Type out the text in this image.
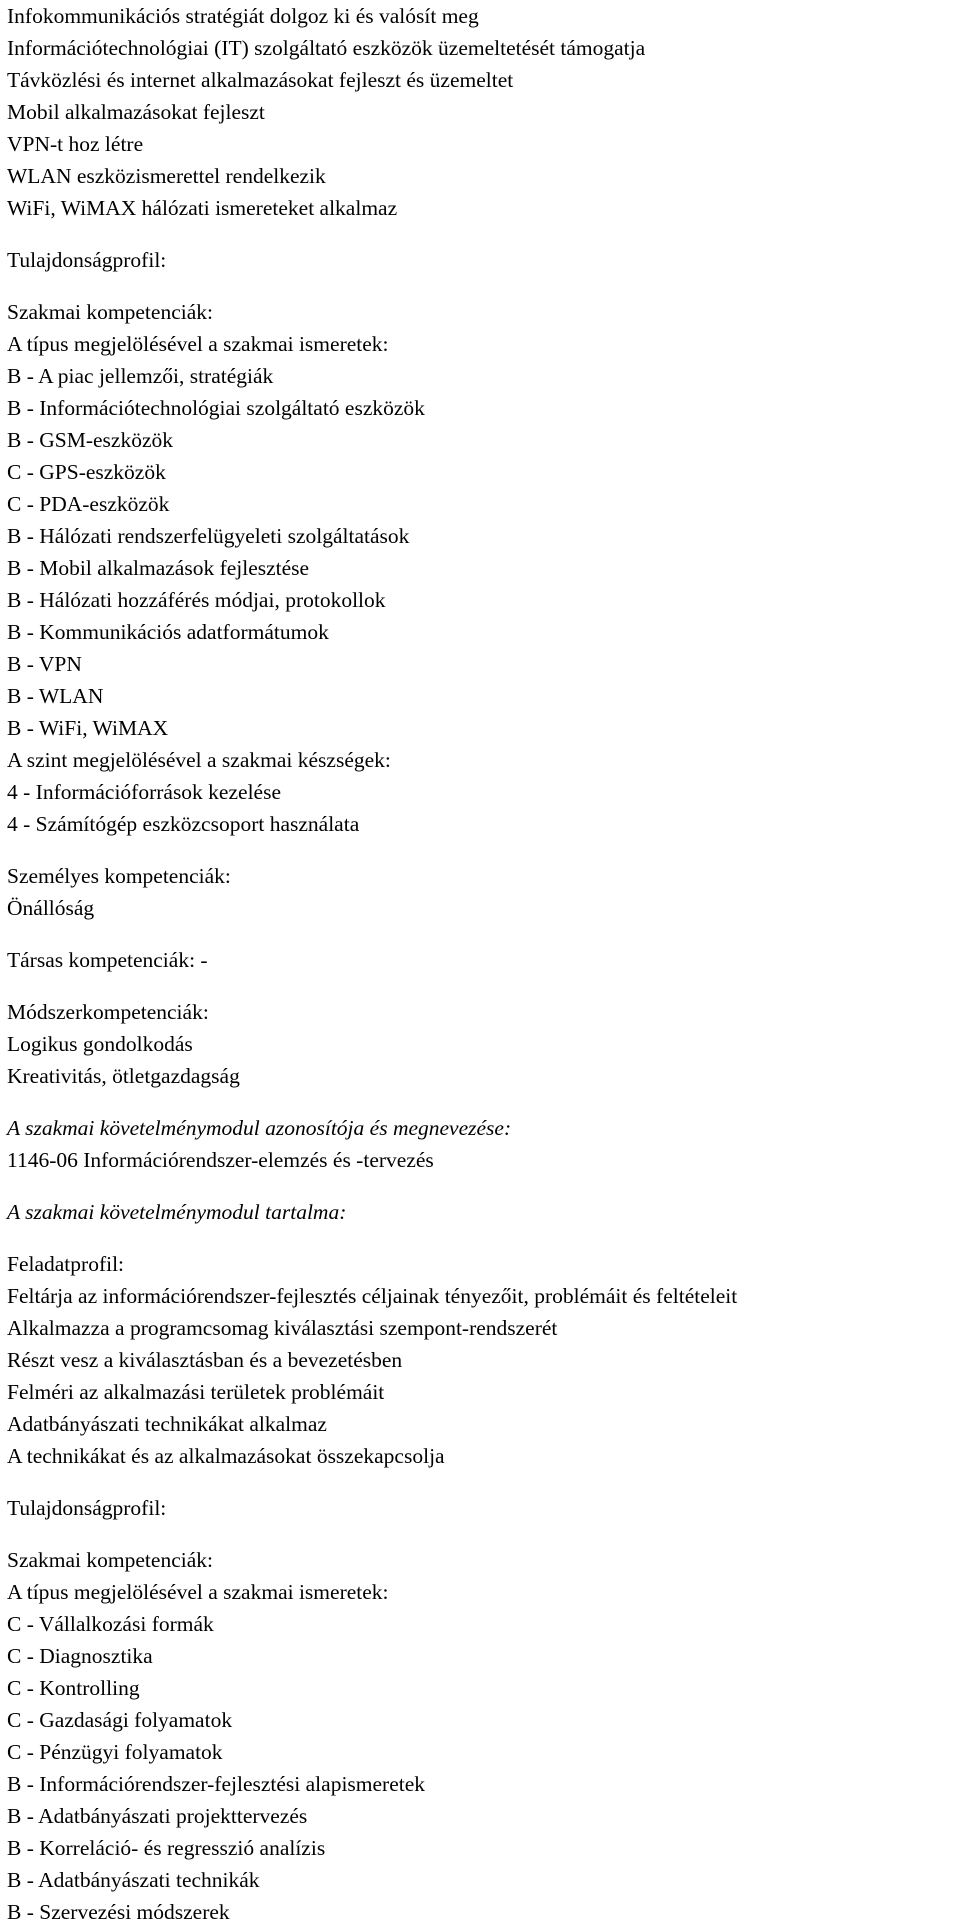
Infokommunikációs stratégiát dolgoz ki és valósít meg
Információtechnológiai (IT) szolgáltató eszközök üzemeltetését támogatja
Távközlési és internet alkalmazásokat fejleszt és üzemeltet
Mobil alkalmazásokat fejleszt
VPN-t hoz létre
WLAN eszközismerettel rendelkezik
WiFi, WiMAX hálózati ismereteket alkalmaz
Tulajdonságprofil:
Szakmai kompetenciák:
A típus megjelölésével a szakmai ismeretek:
B - A piac jellemzői, stratégiák
B - Információtechnológiai szolgáltató eszközök
B - GSM-eszközök
C - GPS-eszközök
C - PDA-eszközök
B - Hálózati rendszerfelügyeleti szolgáltatások
B - Mobil alkalmazások fejlesztése
B - Hálózati hozzáférés módjai, protokollok
B - Kommunikációs adatformátumok
B - VPN
B - WLAN
B - WiFi, WiMAX
A szint megjelölésével a szakmai készségek:
4 - Információforrások kezelése
4 - Számítógép eszközcsoport használata
Személyes kompetenciák:
Önállóság
Társas kompetenciák: -
Módszerkompetenciák:
Logikus gondolkodás
Kreativitás, ötletgazdagság
A szakmai követelménymodul azonosítója és megnevezése:
1146-06 Információrendszer-elemzés és -tervezés
A szakmai követelménymodul tartalma:
Feladatprofil:
Feltárja az információrendszer-fejlesztés céljainak tényezőit, problémáit és feltételeit
Alkalmazza a programcsomag kiválasztási szempont-rendszerét
Részt vesz a kiválasztásban és a bevezetésben
Felméri az alkalmazási területek problémáit
Adatbányászati technikákat alkalmaz
A technikákat és az alkalmazásokat összekapcsolja
Tulajdonságprofil:
Szakmai kompetenciák:
A típus megjelölésével a szakmai ismeretek:
C - Vállalkozási formák
C - Diagnosztika
C - Kontrolling
C - Gazdasági folyamatok
C - Pénzügyi folyamatok
B - Információrendszer-fejlesztési alapismeretek
B - Adatbányászati projekttervezés
B - Korreláció- és regresszió analízis
B - Adatbányászati technikák
B - Szervezési módszerek
